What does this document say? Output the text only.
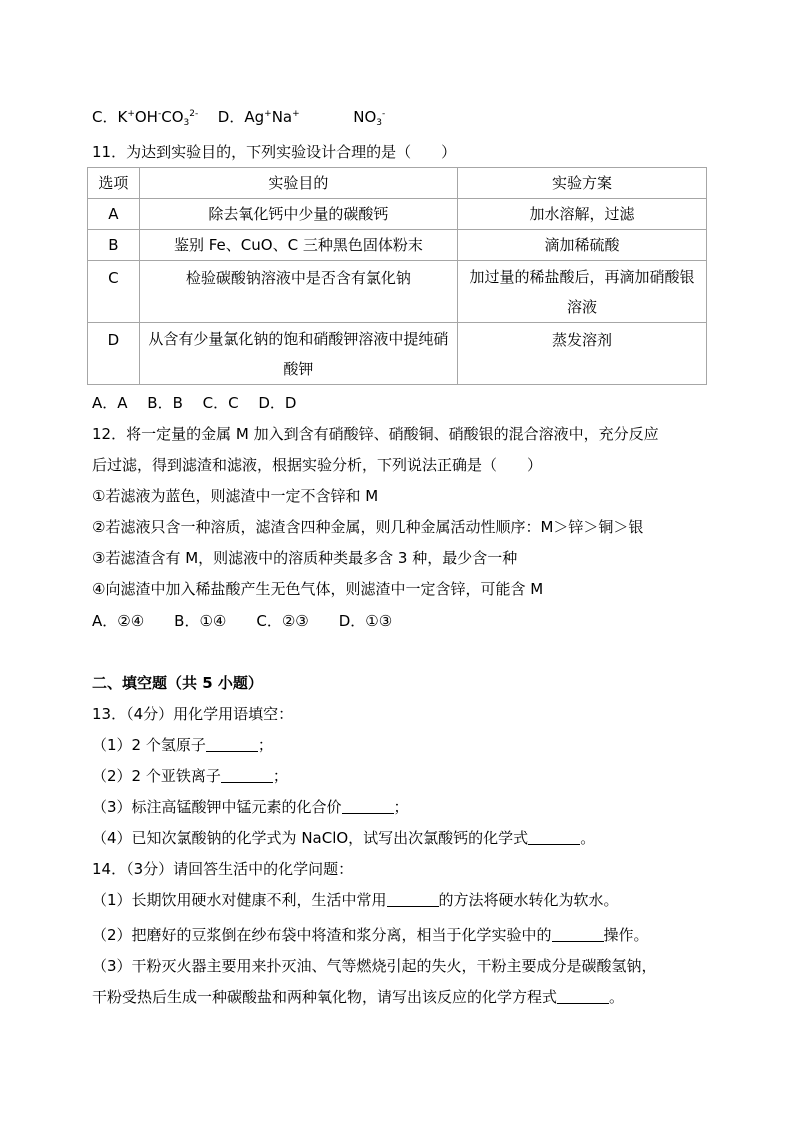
C．$K^+OH^-CO_3^{2-}$ D．Ag+Na+	$NO_3^-$
11．为达到实验目的，下列实验设计合理的是（　　）
选项	实验目的	实验方案
A	除去氧化钙中少量的碳酸钙	加水溶解，过滤
B	鉴别 Fe、CuO、C 三种黑色固体粉末	滴加稀硫酸
C	检验碳酸钠溶液中是否含有氯化钠	加过量的稀盐酸后，再滴加硝酸银溶液
D	从含有少量氯化钠的饱和硝酸钾溶液中提纯硝酸钾	蒸发溶剂
A．A　 B．B　 C．C　 D．D
12．将一定量的金属 M 加入到含有硝酸锌、硝酸铜、硝酸银的混合溶液中，充分反应
后过滤，得到滤渣和滤液，根据实验分析，下列说法正确是（　　）
①若滤液为蓝色，则滤渣中一定不含锌和 M
②若滤液只含一种溶质，滤渣含四种金属，则几种金属活动性顺序：M＞锌＞铜＞银
③若滤渣含有 M，则滤液中的溶质种类最多含 3 种，最少含一种
④向滤渣中加入稀盐酸产生无色气体，则滤渣中一定含锌，可能含 M
A．②④　　B．①④　　C．②③　　D．①③
二、填空题（共 5 小题）
13．（4分）用化学用语填空：
（1）2 个氢原子	；
（2）2 个亚铁离子	；
（3）标注高锰酸钾中锰元素的化合价	；
（4）已知次氯酸钠的化学式为 NaClO，试写出次氯酸钙的化学式	。
14．（3分）请回答生活中的化学问题：
（1）长期饮用硬水对健康不利，生活中常用	的方法将硬水转化为软水。
（2）把磨好的豆浆倒在纱布袋中将渣和浆分离，相当于化学实验中的	操作。
（3）干粉灭火器主要用来扑灭油、气等燃烧引起的失火，干粉主要成分是碳酸氢钠，
干粉受热后生成一种碳酸盐和两种氧化物，请写出该反应的化学方程式	。
